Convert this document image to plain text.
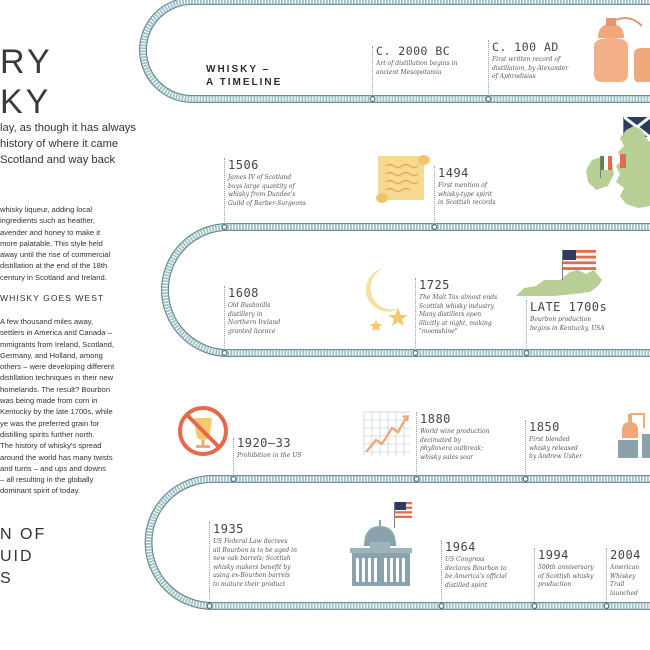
RY
KY
lay, as though it has always
history of where it came
Scotland and way back
whisky liqueur, adding local
ingredients such as heather,
avender and honey to make it
more palatable. This style held
away until the rise of commercial
distillation at the end of the 18th
century in Scotland and Ireland.
WHISKY GOES WEST
A few thousand miles away,
settlers in America and Canada –
mmigrants from Ireland, Scotland,
Germany, and Holland, among
others – were developing different
distillation techniques in their new
homelands. The result? Bourbon
was being made from corn in
Kentucky by the late 1700s, while
ye was the preferred grain for
distilling spirits further north.
The history of whisky's spread
around the world has many twists
and turns – and ups and downs
– all resulting in the globally
dominant spirit of today.
N OF
UID
S
WHISKY –
A TIMELINE
C. 2000 BC
Art of distillation begins in
ancient Mesopotamia
C. 100 AD
First written record of
distillation, by Alexander
of Aphrodisias
1506
James IV of Scotland
buys large quantity of
whisky from Dundee's
Guild of Barber-Surgeons
1494
First mention of
whisky-type spirit
in Scottish records
1608
Old Bushmills
distillery in
Northern Ireland
granted licence
1725
The Malt Tax almost ends
Scottish whisky industry.
Many distillers open
illicitly at night, making
"moonshine"
LATE 1700s
Bourbon production
begins in Kentucky, USA
1920–33
Prohibition in the US
1880
World wine production
decimated by
phylloxera outbreak;
whisky sales soar
1850
First blended
whisky released
by Andrew Usher
1935
US Federal Law decrees
all Bourbon is to be aged in
new oak barrels; Scottish
whisky makers benefit by
using ex-Bourbon barrels
to mature their product
1964
US Congress
declares Bourbon to
be America's official
distilled spirit
1994
500th anniversary
of Scottish whisky
production
2004
American
Whiskey Trail
launched
